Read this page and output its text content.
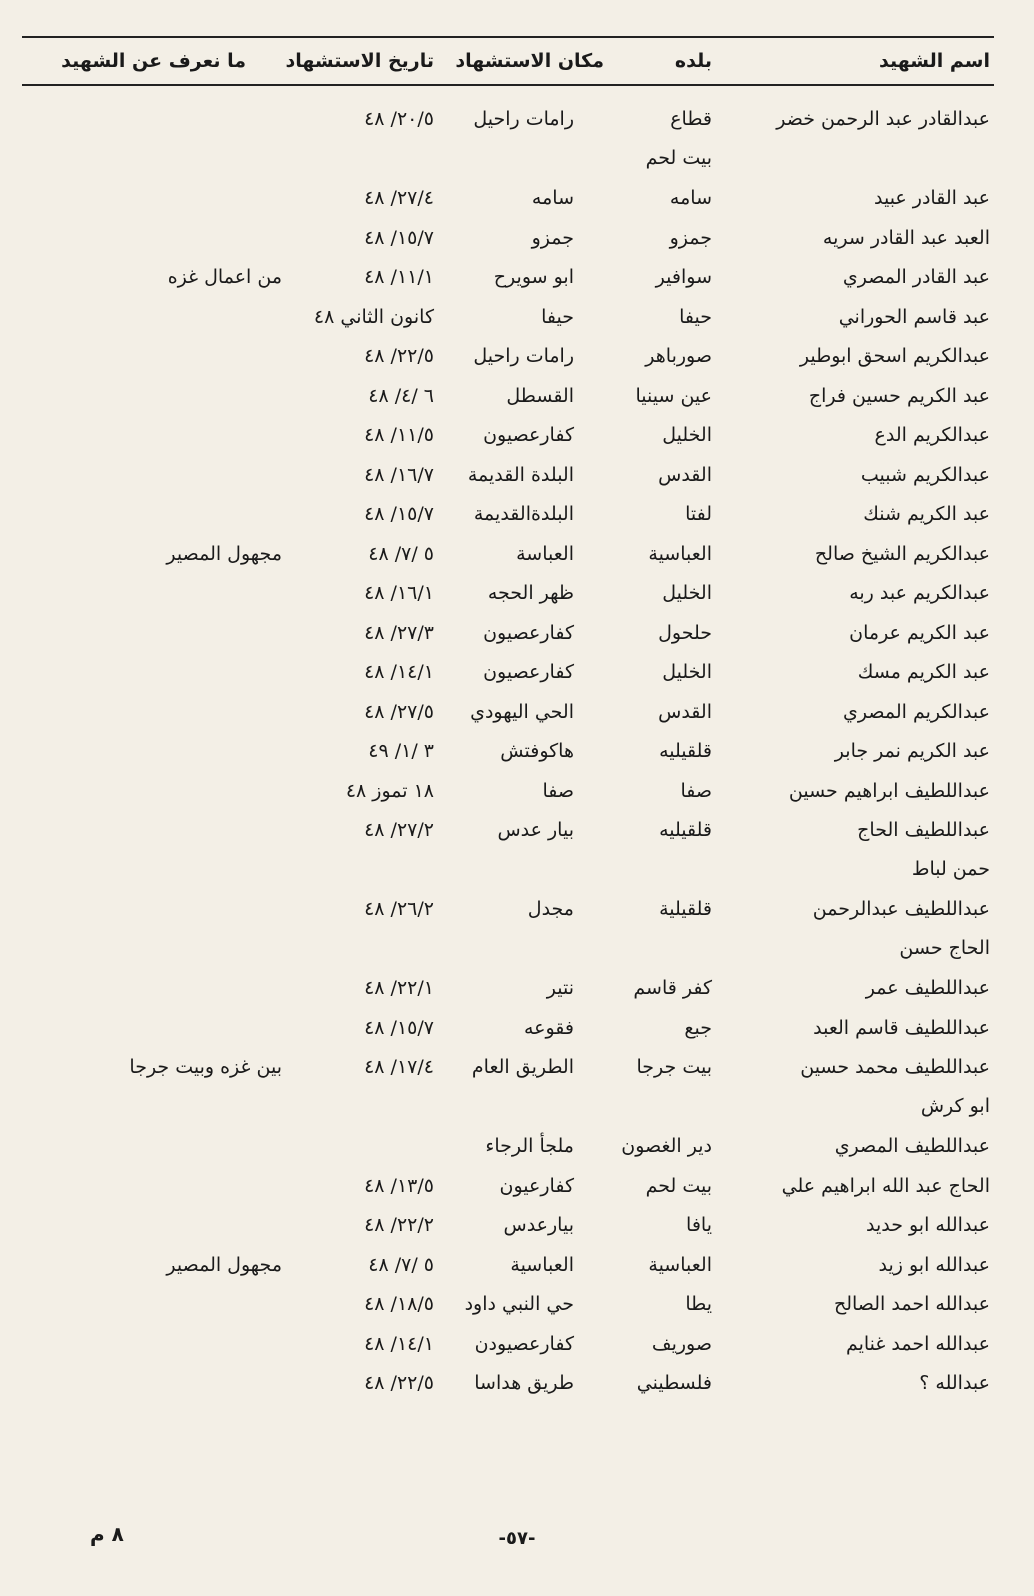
اسم الشهيد
بلده
مكان الاستشهاد
تاريخ الاستشهاد
ما نعرف عن الشهيد
عبدالقادر عبد الرحمن خضر
قطاع
رامات راحيل
٢٠/٥/ ٤٨
بيت لحم
عبد القادر عبيد
سامه
سامه
٢٧/٤/ ٤٨
العبد عبد القادر سريه
جمزو
جمزو
١٥/٧/ ٤٨
عبد القادر المصري
سوافير
ابو سويرح
١١/١/ ٤٨
من اعمال غزه
عبد قاسم الحوراني
حيفا
حيفا
كانون الثاني ٤٨
عبدالكريم اسحق ابوطير
صورباهر
رامات راحيل
٢٢/٥/ ٤٨
عبد الكريم حسين فراج
عين سينيا
القسطل
٦ /٤/ ٤٨
عبدالكريم الدع
الخليل
كفارعصيون
١١/٥/ ٤٨
عبدالكريم شبيب
القدس
البلدة القديمة
١٦/٧/ ٤٨
عبد الكريم شنك
لفتا
البلدةالقديمة
١٥/٧/ ٤٨
عبدالكريم الشيخ صالح
العباسية
العباسة
٥ /٧/ ٤٨
مجهول المصير
عبدالكريم عبد ربه
الخليل
ظهر الحجه
١٦/١/ ٤٨
عبد الكريم عرمان
حلحول
كفارعصيون
٢٧/٣/ ٤٨
عبد الكريم مسك
الخليل
كفارعصيون
١٤/١/ ٤٨
عبدالكريم المصري
القدس
الحي اليهودي
٢٧/٥/ ٤٨
عبد الكريم نمر جابر
قلقيليه
هاكوفتش
٣ /١/ ٤٩
عبداللطيف ابراهيم حسين
صفا
صفا
١٨ تموز ٤٨
عبداللطيف الحاج
قلقيليه
بيار عدس
٢٧/٢/ ٤٨
حمن لباط
عبداللطيف عبدالرحمن
قلقيلية
مجدل
٢٦/٢/ ٤٨
الحاج حسن
عبداللطيف عمر
كفر قاسم
نتير
٢٢/١/ ٤٨
عبداللطيف قاسم العبد
جبع
فقوعه
١٥/٧/ ٤٨
عبداللطيف محمد حسين
بيت جرجا
الطريق العام
١٧/٤/ ٤٨
بين غزه وبيت جرجا
ابو كرش
عبداللطيف المصري
دير الغصون
ملجأ الرجاء
الحاج عبد الله ابراهيم علي
بيت لحم
كفارعيون
١٣/٥/ ٤٨
عبدالله ابو حديد
يافا
بيارعدس
٢٢/٢/ ٤٨
عبدالله ابو زيد
العباسية
العباسية
٥ /٧/ ٤٨
مجهول المصير
عبدالله احمد الصالح
يطا
حي النبي داود
١٨/٥/ ٤٨
عبدالله احمد غنايم
صوريف
كفارعصيودن
١٤/١/ ٤٨
عبدالله ؟
فلسطيني
طريق هداسا
٢٢/٥/ ٤٨
-٥٧-
٨ م
